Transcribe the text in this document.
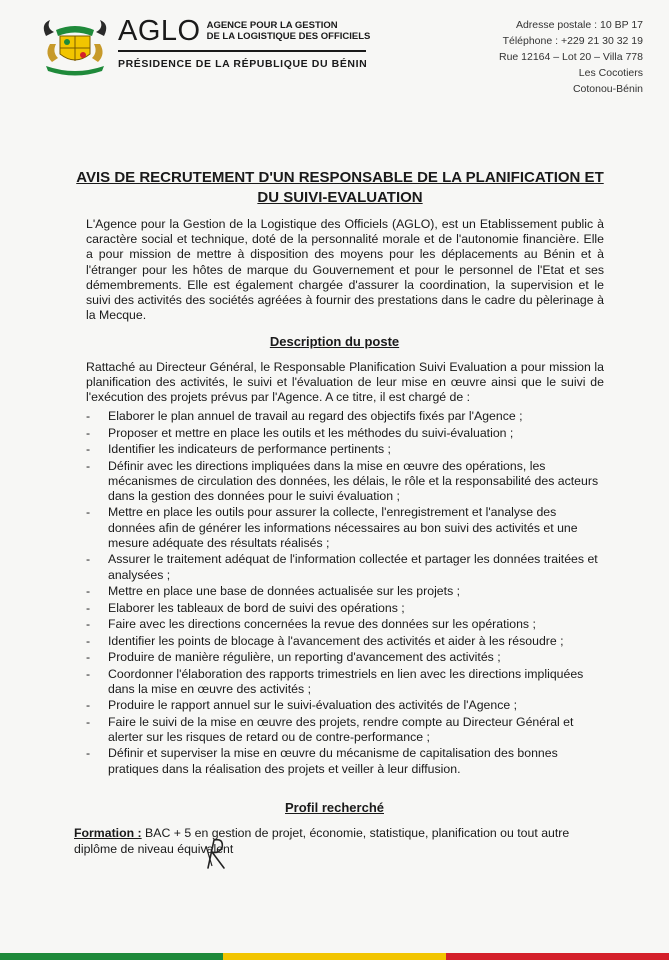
AGLO AGENCE POUR LA GESTION
DE LA LOGISTIQUE DES OFFICIELS
PRÉSIDENCE DE LA RÉPUBLIQUE DU BÉNIN
Adresse postale : 10 BP 17
Téléphone : +229 21 30 32 19
Rue 12164 – Lot 20 – Villa 778
Les Cocotiers
Cotonou-Bénin
AVIS DE RECRUTEMENT D'UN RESPONSABLE DE LA PLANIFICATION ET
DU SUIVI-EVALUATION
L'Agence pour la Gestion de la Logistique des Officiels (AGLO), est un Etablissement public à caractère social et technique, doté de la personnalité morale et de l'autonomie financière. Elle a pour mission de mettre à disposition des moyens pour les déplacements au Bénin et à l'étranger pour les hôtes de marque du Gouvernement et pour le personnel de l'Etat et ses démembrements. Elle est également chargée d'assurer la coordination, la supervision et le suivi des activités des sociétés agréées à fournir des prestations dans le cadre du pèlerinage à la Mecque.
Description du poste
Rattaché au Directeur Général, le Responsable Planification Suivi Evaluation a pour mission la planification des activités, le suivi et l'évaluation de leur mise en œuvre ainsi que le suivi de l'exécution des projets prévus par l'Agence. A ce titre, il est chargé de :
- Elaborer le plan annuel de travail au regard des objectifs fixés par l'Agence ;
- Proposer et mettre en place les outils et les méthodes du suivi-évaluation ;
- Identifier les indicateurs de performance pertinents ;
- Définir avec les directions impliquées dans la mise en œuvre des opérations, les mécanismes de circulation des données, les délais, le rôle et la responsabilité des acteurs dans la gestion des données pour le suivi évaluation ;
- Mettre en place les outils pour assurer la collecte, l'enregistrement et l'analyse des données afin de générer les informations nécessaires au bon suivi des activités et une mesure adéquate des résultats réalisés ;
- Assurer le traitement adéquat de l'information collectée et partager les données traitées et analysées ;
- Mettre en place une base de données actualisée sur les projets ;
- Elaborer les tableaux de bord de suivi des opérations ;
- Faire avec les directions concernées la revue des données sur les opérations ;
- Identifier les points de blocage à l'avancement des activités et aider à les résoudre ;
- Produire de manière régulière, un reporting d'avancement des activités ;
- Coordonner l'élaboration des rapports trimestriels en lien avec les directions impliquées dans la mise en œuvre des activités ;
- Produire le rapport annuel sur le suivi-évaluation des activités de l'Agence ;
- Faire le suivi de la mise en œuvre des projets, rendre compte au Directeur Général et alerter sur les risques de retard ou de contre-performance ;
- Définir et superviser la mise en œuvre du mécanisme de capitalisation des bonnes pratiques dans la réalisation des projets et veiller à leur diffusion.
Profil recherché
Formation : BAC + 5 en gestion de projet, économie, statistique, planification ou tout autre diplôme de niveau équivalent
